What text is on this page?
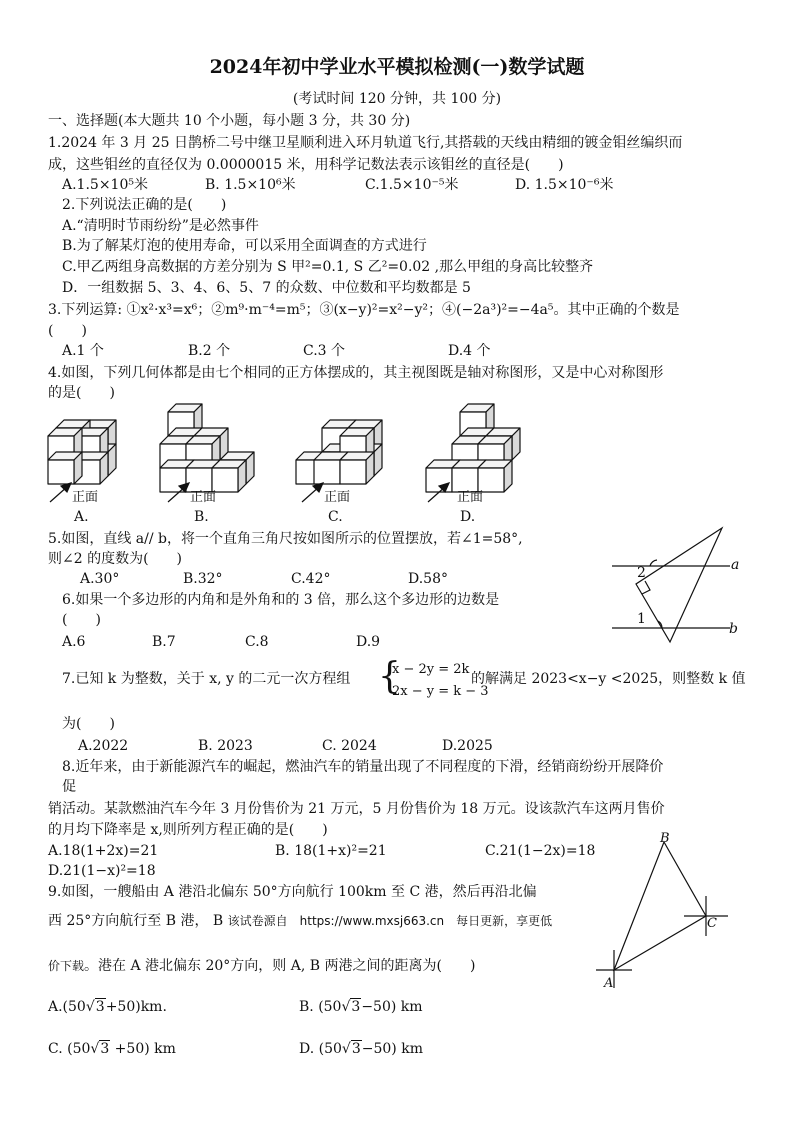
2024年初中学业水平模拟检测(一)数学试题
(考试时间 120 分钟，共 100 分)
一、选择题(本大题共 10 个小题，每小题 3 分，共 30 分)
1.2024 年 3 月 25 日鹊桥二号中继卫星顺利进入环月轨道飞行,其搭载的天线由精细的镀金钼丝编织而
成，这些钼丝的直径仅为 0.0000015 米，用科学记数法表示该钼丝的直径是(　　)
A.1.5×10⁵米	B. 1.5×10⁶米	C.1.5×10⁻⁵米	D. 1.5×10⁻⁶米
2.下列说法正确的是(　　)
A.“清明时节雨纷纷”是必然事件
B.为了解某灯泡的使用寿命，可以采用全面调查的方式进行
C.甲乙两组身高数据的方差分别为 S 甲²=0.1, S 乙²=0.02 ,那么甲组的身高比较整齐
D．一组数据 5、3、4、6、5、7 的众数、中位数和平均数都是 5
3.下列运算: ①x²·x³=x⁶；②m⁹·m⁻⁴=m⁵；③(x−y)²=x²−y²；④(−2a³)²=−4a⁵。其中正确的个数是
(　　)
A.1 个	B.2 个	C.3 个	D.4 个
4.如图，下列几何体都是由七个相同的正方体摆成的，其主视图既是轴对称图形，又是中心对称图形
的是(　　)
正面	正面	正面	正面
A.	B.	C.	D.
5.如图，直线 a// b，将一个直角三角尺按如图所示的位置摆放，若∠1=58°,
则∠2 的度数为(　　)
A.30°	B.32°	C.42°	D.58°
a
b
2
1
6.如果一个多边形的内角和是外角和的 3 倍，那么这个多边形的边数是
(　　)
A.6	B.7	C.8	D.9
7.已知 k 为整数，关于 x, y 的二元一次方程组 {
x − 2y = 2k
2x − y = k − 3
的解满足 2023<x−y <2025，则整数 k 值
为(　　)
A.2022	B. 2023	C. 2024	D.2025
8.近年来，由于新能源汽车的崛起，燃油汽车的销量出现了不同程度的下滑，经销商纷纷开展降价
促
销活动。某款燃油汽车今年 3 月份售价为 21 万元，5 月份售价为 18 万元。设该款汽车这两月售价
的月均下降率是 x,则所列方程正确的是(　　)
A.18(1+2x)=21	B. 18(1+x)²=21	C.21(1−2x)=18
D.21(1−x)²=18
9.如图，一艘船由 A 港沿北偏东 50°方向航行 100km 至 C 港，然后再沿北偏
西 25°方向航行至 B 港， B 该试卷源自　https://www.mxsj663.cn　每日更新，享更低
价下载。港在 A 港北偏东 20°方向，则 A, B 两港之间的距离为(　　)
A.(50√3+50)km.	B. (50√3−50) km
C. (50√3 +50) km	D. (50√3−50) km
B
C
A
